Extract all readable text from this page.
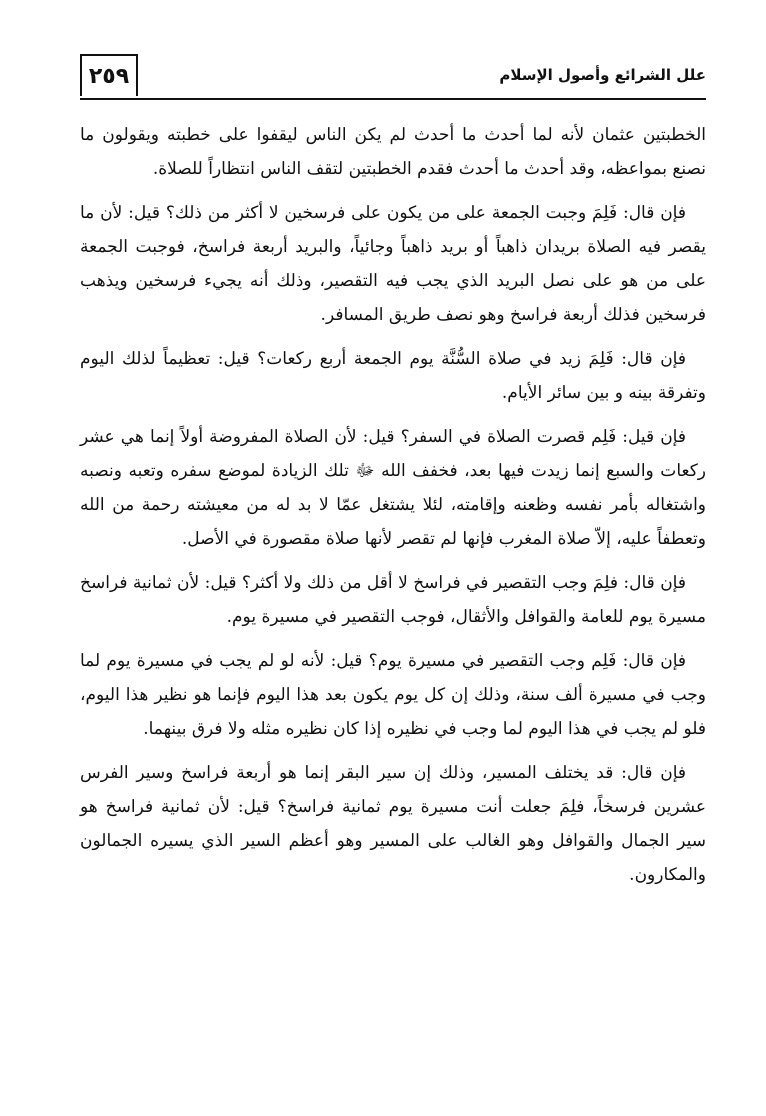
٢٥٩	علل الشرائع وأصول الإسلام

الخطبتين عثمان لأنه لما أحدث ما أحدث لم يكن الناس ليقفوا على خطبته ويقولون ما نصنع بمواعظه، وقد أحدث ما أحدث فقدم الخطبتين لتقف الناس انتظاراً للصلاة.

فإن قال: فَلِمَ وجبت الجمعة على من يكون على فرسخين لا أكثر من ذلك؟ قيل: لأن ما يقصر فيه الصلاة بريدان ذاهباً أو بريد ذاهباً وجائياً، والبريد أربعة فراسخ، فوجبت الجمعة على من هو على نصل البريد الذي يجب فيه التقصير، وذلك أنه يجيء فرسخين ويذهب فرسخين فذلك أربعة فراسخ وهو نصف طريق المسافر.

فإن قال: فَلِمَ زيد في صلاة السُّنَّة يوم الجمعة أربع ركعات؟ قيل: تعظيماً لذلك اليوم وتفرقة بينه و بين سائر الأيام.

فإن قيل: فَلِم قصرت الصلاة في السفر؟ قيل: لأن الصلاة المفروضة أولاً إنما هي عشر ركعات والسبع إنما زيدت فيها بعد، فخفف الله ﷻ تلك الزيادة لموضع سفره وتعبه ونصبه واشتغاله بأمر نفسه وظعنه وإقامته، لئلا يشتغل عمّا لا بد له من معيشته رحمة من الله وتعطفاً عليه، إلاّ صلاة المغرب فإنها لم تقصر لأنها صلاة مقصورة في الأصل.

فإن قال: فلِمَ وجب التقصير في فراسخ لا أقل من ذلك ولا أكثر؟ قيل: لأن ثمانية فراسخ مسيرة يوم للعامة والقوافل والأثقال، فوجب التقصير في مسيرة يوم.

فإن قال: فَلِم وجب التقصير في مسيرة يوم؟ قيل: لأنه لو لم يجب في مسيرة يوم لما وجب في مسيرة ألف سنة، وذلك إن كل يوم يكون بعد هذا اليوم فإنما هو نظير هذا اليوم، فلو لم يجب في هذا اليوم لما وجب في نظيره إذا كان نظيره مثله ولا فرق بينهما.

فإن قال: قد يختلف المسير، وذلك إن سير البقر إنما هو أربعة فراسخ وسير الفرس عشرين فرسخاً، فلِمَ جعلت أنت مسيرة يوم ثمانية فراسخ؟ قيل: لأن ثمانية فراسخ هو سير الجمال والقوافل وهو الغالب على المسير وهو أعظم السير الذي يسيره الجمالون والمكارون.
